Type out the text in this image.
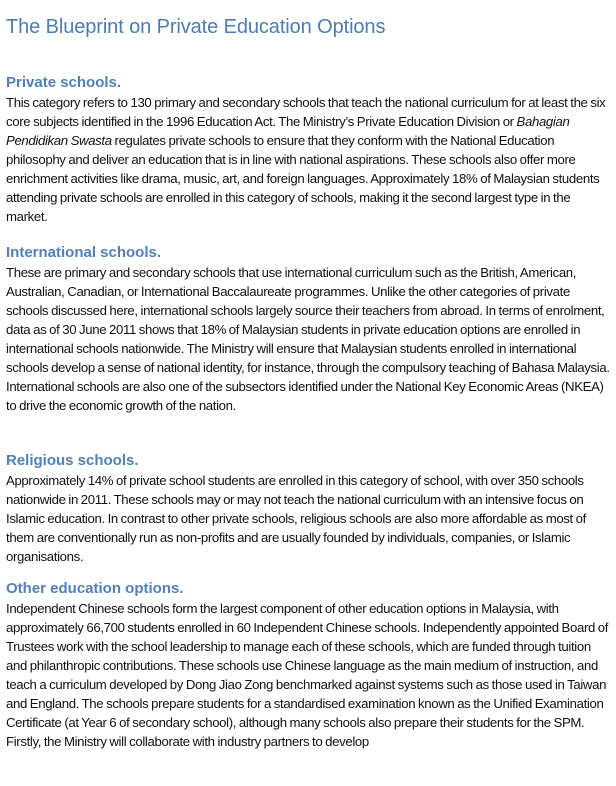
The Blueprint on Private Education Options
Private schools.

This category refers to 130 primary and secondary schools that teach the national curriculum for at least the six core subjects identified in the 1996 Education Act. The Ministry’s Private Education Division or Bahagian Pendidikan Swasta regulates private schools to ensure that they conform with the National Education philosophy and deliver an education that is in line with national aspirations. These schools also offer more enrichment activities like drama, music, art, and foreign languages. Approximately 18% of Malaysian students attending private schools are enrolled in this category of schools, making it the second largest type in the market.

International schools.

These are primary and secondary schools that use international curriculum such as the British, American, Australian, Canadian, or International Baccalaureate programmes. Unlike the other categories of private schools discussed here, international schools largely source their teachers from abroad. In terms of enrolment, data as of 30 June 2011 shows that 18% of Malaysian students in private education options are enrolled in international schools nationwide. The Ministry will ensure that Malaysian students enrolled in international schools develop a sense of national identity, for instance, through the compulsory teaching of Bahasa Malaysia. International schools are also one of the subsectors identified under the National Key Economic Areas (NKEA) to drive the economic growth of the nation.

Religious schools.

Approximately 14% of private school students are enrolled in this category of school, with over 350 schools nationwide in 2011. These schools may or may not teach the national curriculum with an intensive focus on Islamic education. In contrast to other private schools, religious schools are also more affordable as most of them are conventionally run as non-profits and are usually founded by individuals, companies, or Islamic organisations.

Other education options.

Independent Chinese schools form the largest component of other education options in Malaysia, with approximately 66,700 students enrolled in 60 Independent Chinese schools. Independently appointed Board of Trustees work with the school leadership to manage each of these schools, which are funded through tuition and philanthropic contributions. These schools use Chinese language as the main medium of instruction, and teach a curriculum developed by Dong Jiao Zong benchmarked against systems such as those used in Taiwan and England. The schools prepare students for a standardised examination known as the Unified Examination Certificate (at Year 6 of secondary school), although many schools also prepare their students for the SPM. Firstly, the Ministry will collaborate with industry partners to develop
